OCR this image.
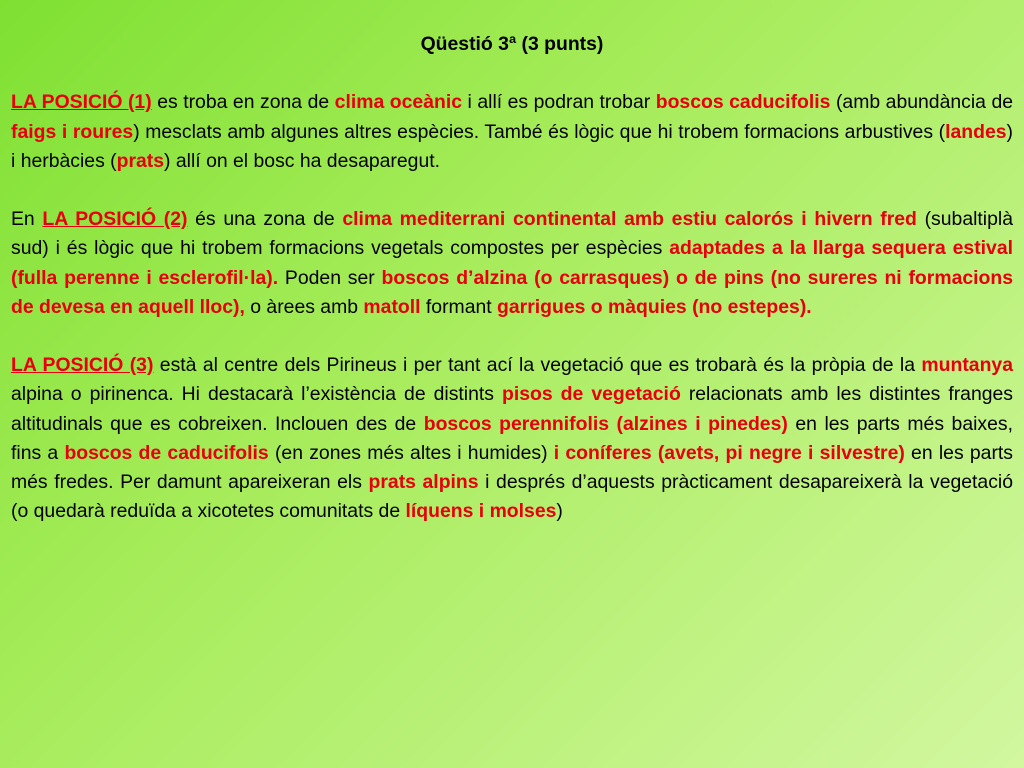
Qüestió 3ª (3 punts)

LA POSICIÓ (1) es troba en zona de clima oceànic i allí es podran trobar boscos caducifolis (amb abundància de faigs i roures) mesclats amb algunes altres espècies. També és lògic que hi trobem formacions arbustives (landes) i herbàcies (prats) allí on el bosc ha desaparegut.

En LA POSICIÓ (2) és una zona de clima mediterrani continental amb estiu calorós i hivern fred (subaltiplà sud) i és lògic que hi trobem formacions vegetals compostes per espècies adaptades a la llarga sequera estival (fulla perenne i esclerofil·la). Poden ser boscos d’alzina (o carrasques) o de pins (no sureres ni formacions de devesa en aquell lloc), o àrees amb matoll formant garrigues o màquies (no estepes).

LA POSICIÓ (3) està al centre dels Pirineus i per tant ací la vegetació que es trobarà és la pròpia de la muntanya alpina o pirinenca. Hi destacarà l’existència de distints pisos de vegetació relacionats amb les distintes franges altitudinals que es cobreixen. Inclouen des de boscos perennifolis (alzines i pinedes) en les parts més baixes, fins a boscos de caducifolis (en zones més altes i humides) i coníferes (avets, pi negre i silvestre) en les parts més fredes. Per damunt apareixeran els prats alpins i després d’aquests pràcticament desapareixerà la vegetació (o quedarà reduïda a xicotetes comunitats de líquens i molses)
